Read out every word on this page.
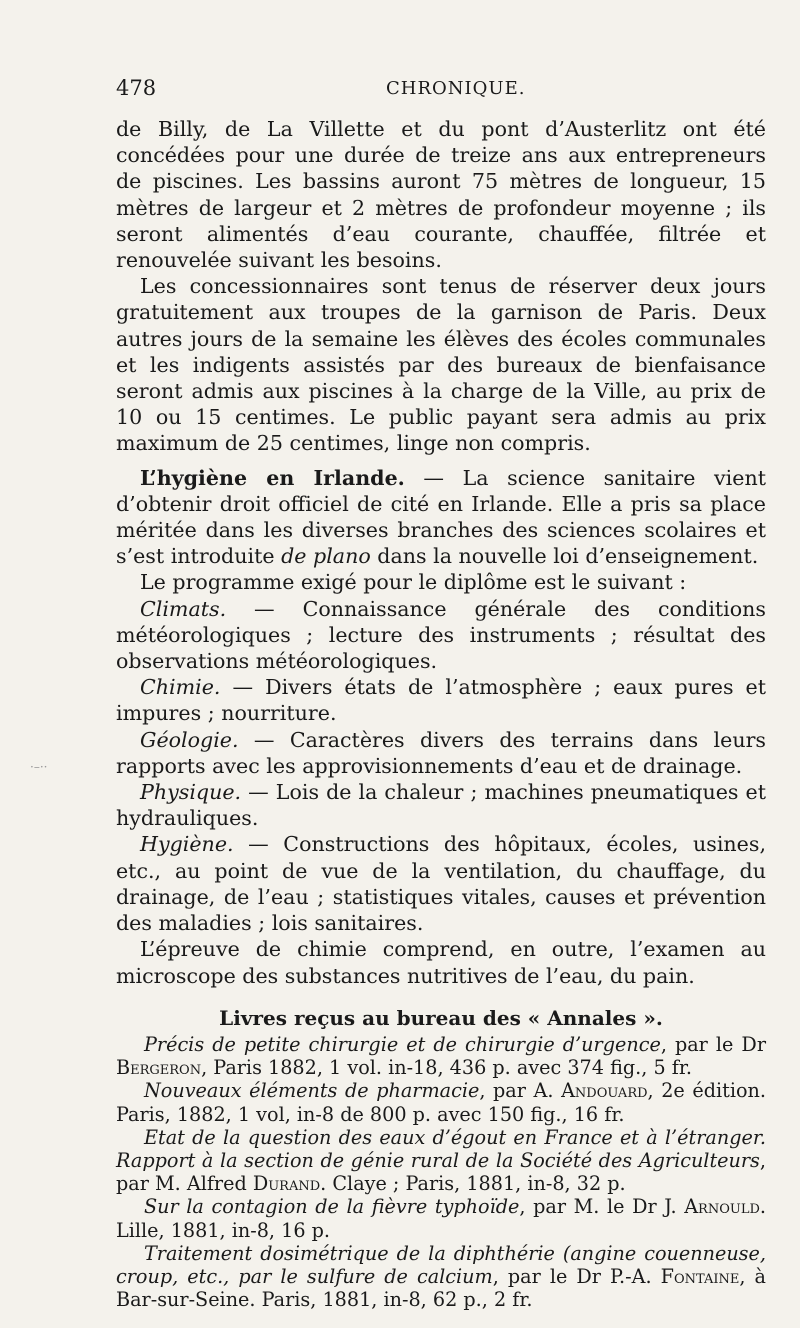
478	CHRONIQUE.
·–··

de Billy, de La Villette et du pont d’Austerlitz ont été concédées pour une durée de treize ans aux entrepreneurs de piscines. Les bassins auront 75 mètres de longueur, 15 mètres de largeur et 2 mètres de profondeur moyenne ; ils seront alimentés d’eau courante, chauffée, filtrée et renouvelée suivant les besoins.

Les concessionnaires sont tenus de réserver deux jours gratuitement aux troupes de la garnison de Paris. Deux autres jours de la semaine les élèves des écoles communales et les indigents assistés par des bureaux de bienfaisance seront admis aux piscines à la charge de la Ville, au prix de 10 ou 15 centimes. Le public payant sera admis au prix maximum de 25 centimes, linge non compris.

L’hygiène en Irlande. — La science sanitaire vient d’obtenir droit officiel de cité en Irlande. Elle a pris sa place méritée dans les diverses branches des sciences scolaires et s’est introduite de plano dans la nouvelle loi d’enseignement.

Le programme exigé pour le diplôme est le suivant :

Climats. — Connaissance générale des conditions météorologiques ; lecture des instruments ; résultat des observations météorologiques.

Chimie. — Divers états de l’atmosphère ; eaux pures et impures ; nourriture.

Géologie. — Caractères divers des terrains dans leurs rapports avec les approvisionnements d’eau et de drainage.

Physique. — Lois de la chaleur ; machines pneumatiques et hydrauliques.

Hygiène. — Constructions des hôpitaux, écoles, usines, etc., au point de vue de la ventilation, du chauffage, du drainage, de l’eau ; statistiques vitales, causes et prévention des maladies ; lois sanitaires.

L’épreuve de chimie comprend, en outre, l’examen au microscope des substances nutritives de l’eau, du pain.

Livres reçus au bureau des « Annales ».

Précis de petite chirurgie et de chirurgie d’urgence, par le Dr Bergeron, Paris 1882, 1 vol. in-18, 436 p. avec 374 fig., 5 fr.

Nouveaux éléments de pharmacie, par A. Andouard, 2e édition. Paris, 1882, 1 vol, in-8 de 800 p. avec 150 fig., 16 fr.

Etat de la question des eaux d’égout en France et à l’étranger. Rapport à la section de génie rural de la Société des Agriculteurs, par M. Alfred Durand. Claye ; Paris, 1881, in-8, 32 p.

Sur la contagion de la fièvre typhoïde, par M. le Dr J. Arnould. Lille, 1881, in-8, 16 p.

Traitement dosimétrique de la diphthérie (angine couenneuse, croup, etc., par le sulfure de calcium, par le Dr P.-A. Fontaine, à Bar-sur-Seine. Paris, 1881, in-8, 62 p., 2 fr.
